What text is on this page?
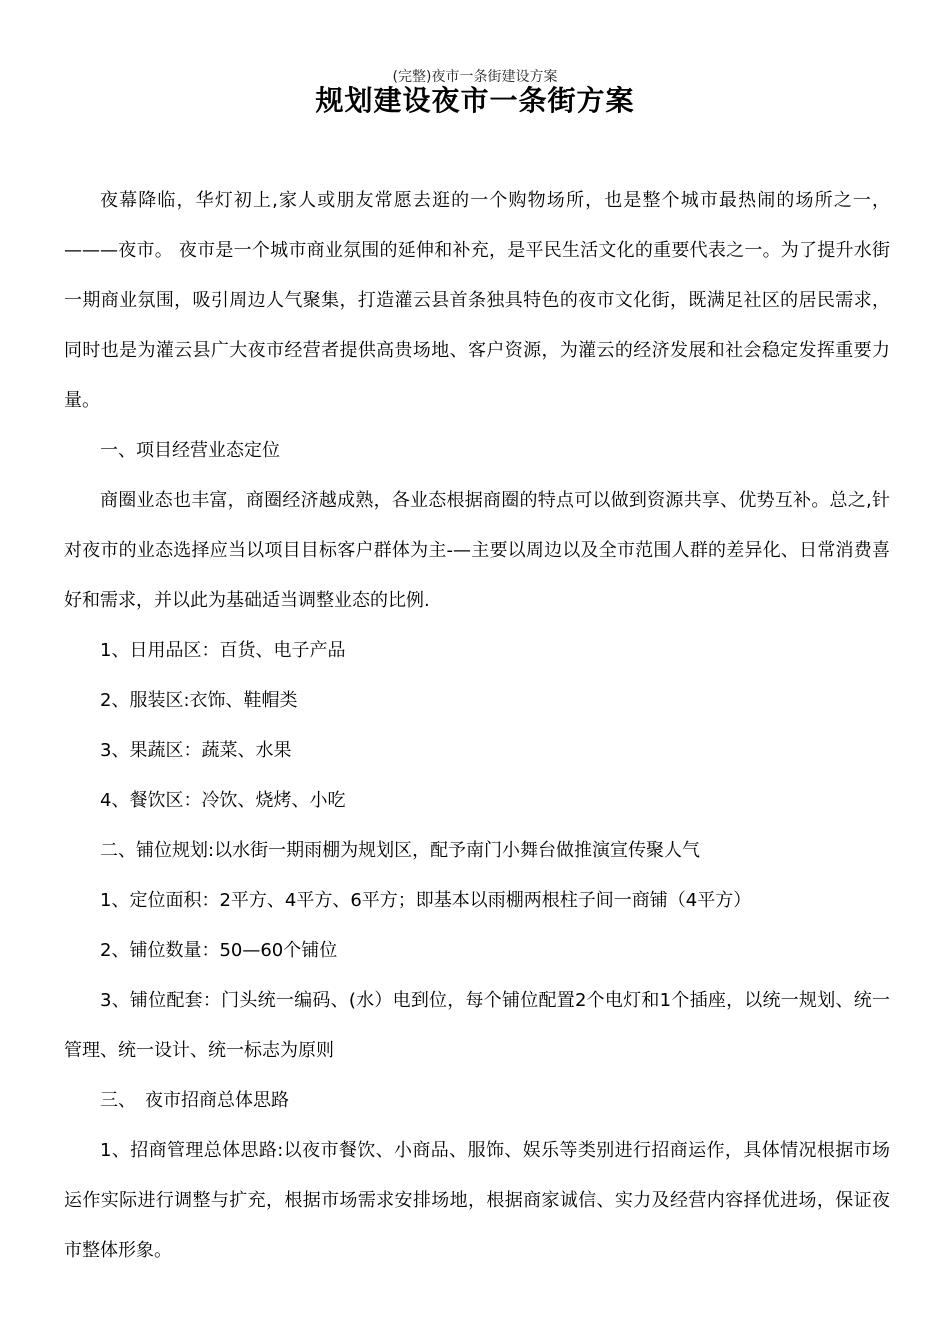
(完整)夜市一条街建设方案
规划建设夜市一条街方案

夜幕降临，华灯初上,家人或朋友常愿去逛的一个购物场所，也是整个城市最热闹的场所之一，———夜市。 夜市是一个城市商业氛围的延伸和补充，是平民生活文化的重要代表之一。为了提升水街一期商业氛围，吸引周边人气聚集，打造灌云县首条独具特色的夜市文化街，既满足社区的居民需求，同时也是为灌云县广大夜市经营者提供高贵场地、客户资源，为灌云的经济发展和社会稳定发挥重要力量。

一、项目经营业态定位

商圈业态也丰富，商圈经济越成熟，各业态根据商圈的特点可以做到资源共享、优势互补。总之,针对夜市的业态选择应当以项目目标客户群体为主-—主要以周边以及全市范围人群的差异化、日常消费喜好和需求，并以此为基础适当调整业态的比例.

1、日用品区：百货、电子产品

2、服装区:衣饰、鞋帽类

3、果蔬区：蔬菜、水果

4、餐饮区：冷饮、烧烤、小吃

二、铺位规划:以水街一期雨棚为规划区，配予南门小舞台做推演宣传聚人气

1、定位面积：2平方、4平方、6平方；即基本以雨棚两根柱子间一商铺（4平方）

2、铺位数量：50—60个铺位

3、铺位配套：门头统一编码、(水）电到位，每个铺位配置2个电灯和1个插座，以统一规划、统一管理、统一设计、统一标志为原则

三、　夜市招商总体思路

1、招商管理总体思路:以夜市餐饮、小商品、服饰、娱乐等类别进行招商运作，具体情况根据市场运作实际进行调整与扩充，根据市场需求安排场地，根据商家诚信、实力及经营内容择优进场，保证夜市整体形象。
